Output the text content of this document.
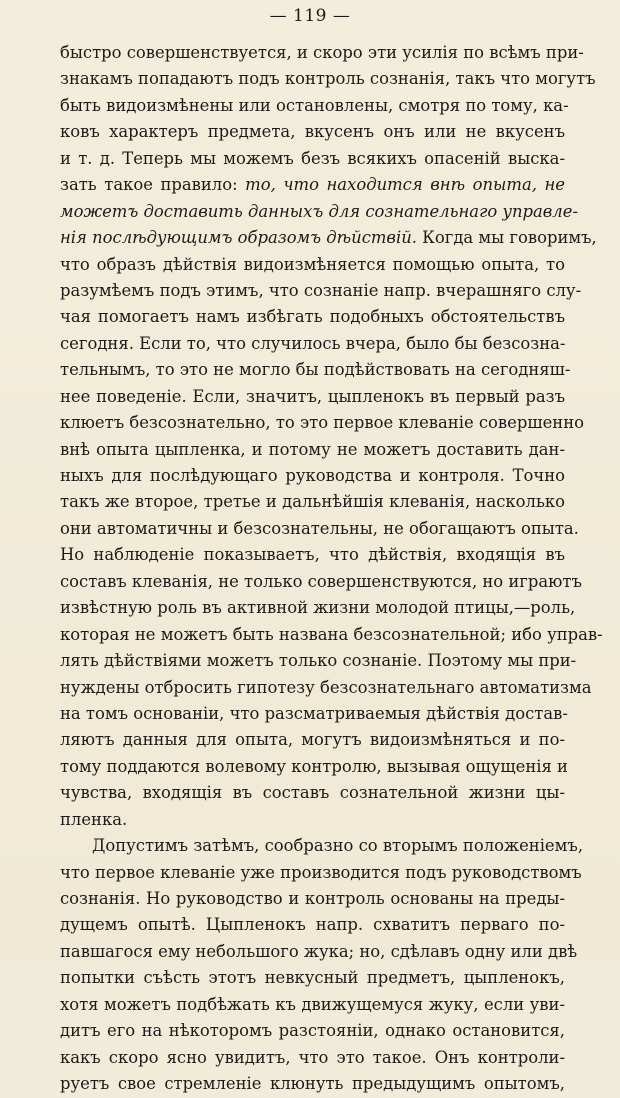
— 119 —
быстро совершенствуется, и скоро эти усилія по всѣмъ при-
знакамъ попадаютъ подъ контроль сознанія, такъ что могутъ
быть видоизмѣнены или остановлены, смотря по тому, ка-
ковъ характеръ предмета, вкусенъ онъ или не вкусенъ
и т. д. Теперь мы можемъ безъ всякихъ опасеній выска-
зать такое правило: то, что находится внѣ опыта, не
можетъ доставить данныхъ для сознательнаго управле-
нія послѣдующимъ образомъ дѣйствій. Когда мы говоримъ,
что образъ дѣйствія видоизмѣняется помощью опыта, то
разумѣемъ подъ этимъ, что сознаніе напр. вчерашняго слу-
чая помогаетъ намъ избѣгать подобныхъ обстоятельствъ
сегодня. Если то, что случилось вчера, было бы безсозна-
тельнымъ, то это не могло бы подѣйствовать на сегодняш-
нее поведеніе. Если, значитъ, цыпленокъ въ первый разъ
клюетъ безсознательно, то это первое клеваніе совершенно
внѣ опыта цыпленка, и потому не можетъ доставить дан-
ныхъ для послѣдующаго руководства и контроля. Точно
такъ же второе, третье и дальнѣйшія клеванія, насколько
они автоматичны и безсознательны, не обогащаютъ опыта.
Но наблюденіе показываетъ, что дѣйствія, входящія въ
составъ клеванія, не только совершенствуются, но играютъ
извѣстную роль въ активной жизни молодой птицы,—роль,
которая не можетъ быть названа безсознательной; ибо управ-
лять дѣйствіями можетъ только сознаніе. Поэтому мы при-
нуждены отбросить гипотезу безсознательнаго автоматизма
на томъ основаніи, что разсматриваемыя дѣйствія достав-
ляютъ данныя для опыта, могутъ видоизмѣняться и по-
тому поддаются волевому контролю, вызывая ощущенія и
чувства, входящія въ составъ сознательной жизни цы-
пленка.
Допустимъ затѣмъ, сообразно со вторымъ положеніемъ,
что первое клеваніе уже производится подъ руководствомъ
сознанія. Но руководство и контроль основаны на преды-
дущемъ опытѣ. Цыпленокъ напр. схватитъ перваго по-
павшагося ему небольшого жука; но, сдѣлавъ одну или двѣ
попытки съѣсть этотъ невкусный предметъ, цыпленокъ,
хотя можетъ подбѣжать къ движущемуся жуку, если уви-
дитъ его на нѣкоторомъ разстояніи, однако остановится,
какъ скоро ясно увидитъ, что это такое. Онъ контроли-
руетъ свое стремленіе клюнуть предыдущимъ опытомъ,
